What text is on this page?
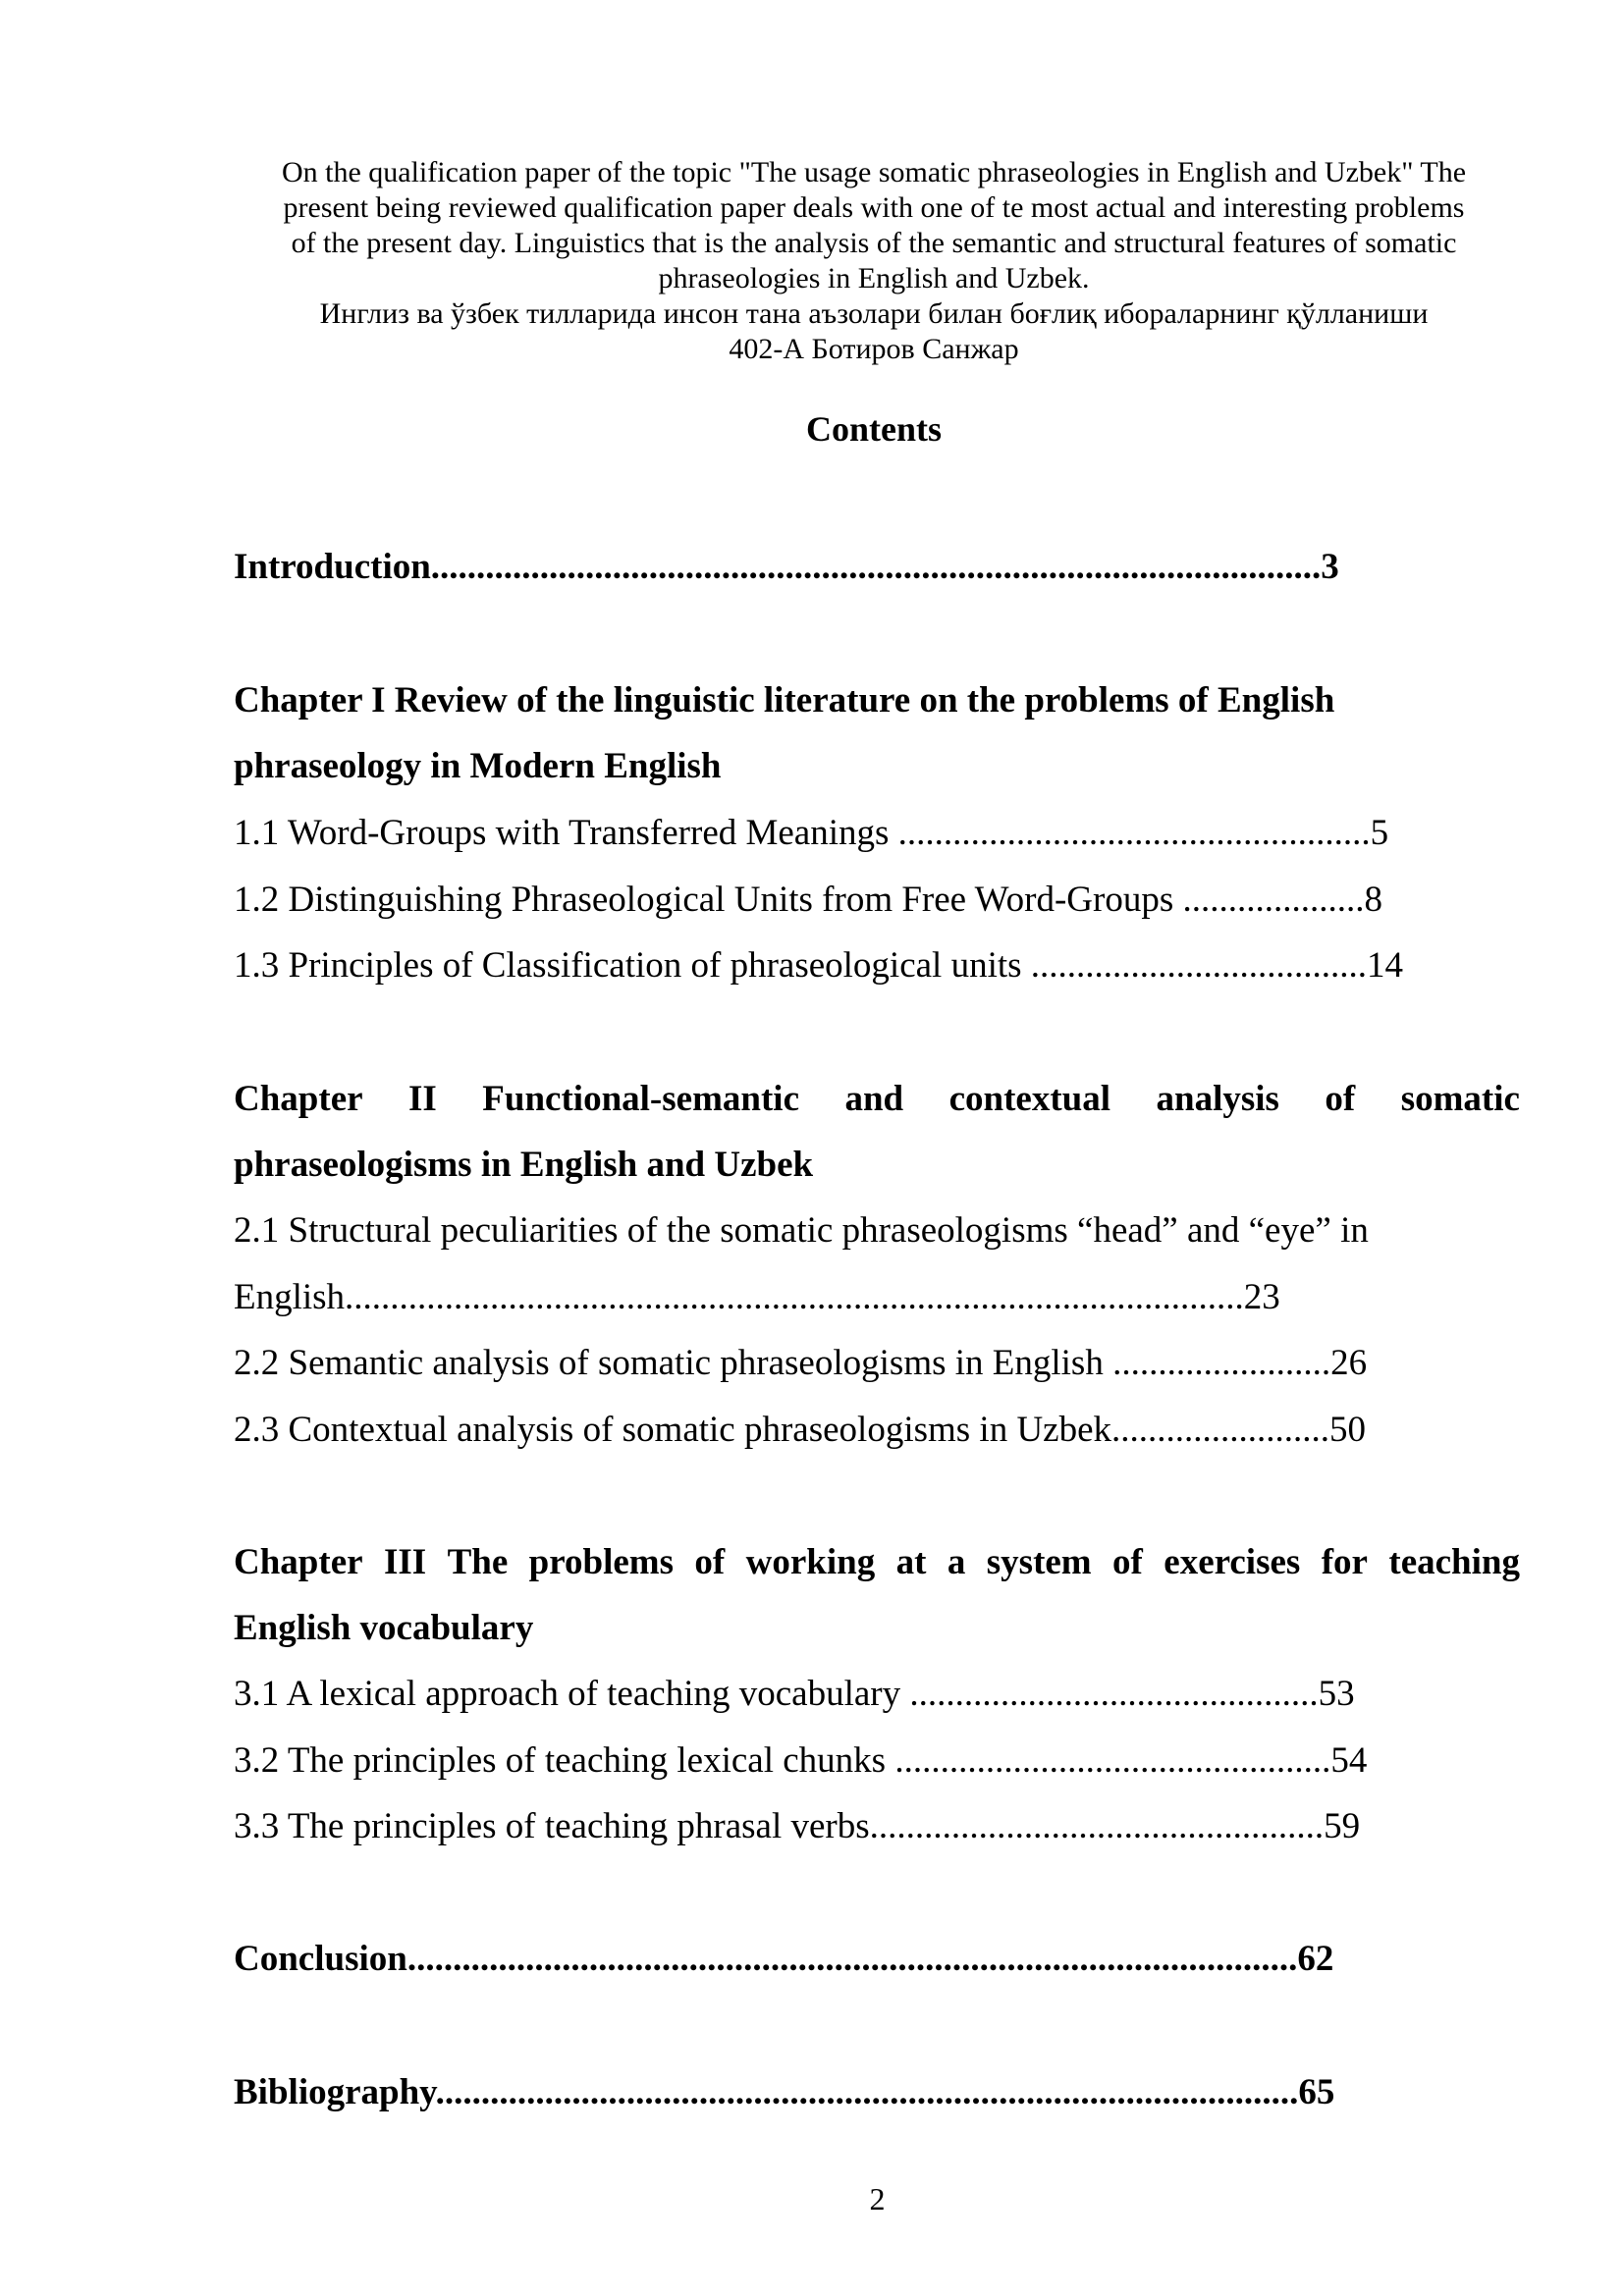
On the qualification paper of the topic "The usage somatic phraseologies in English and Uzbek" The

present being reviewed qualification paper deals with one of te most actual and interesting problems

of the present day. Linguistics that is the analysis of the semantic and structural features of somatic

phraseologies in English and Uzbek.

Инглиз ва ўзбек тилларида инсон тана аъзолари билан боғлиқ ибораларнинг қўлланиши

402-А Ботиров Санжар

Contents
Introduction..................................................................................................3
Chapter I Review of the linguistic literature on the problems of English
phraseology in Modern English
1.1 Word-Groups with Transferred Meanings ....................................................5
1.2 Distinguishing Phraseological Units from Free Word-Groups ....................8
1.3 Principles of Classification of phraseological units .....................................14
Chapter II Functional-semantic and contextual analysis of somatic
phraseologisms in English and Uzbek
2.1 Structural peculiarities of the somatic phraseologisms “head” and “eye” in
English...................................................................................................23
2.2 Semantic analysis of somatic phraseologisms in English ........................26
2.3 Contextual analysis of somatic phraseologisms in Uzbek........................50
Chapter III The problems of working at a system of exercises for teaching
English vocabulary
3.1 A lexical approach of teaching vocabulary .............................................53
3.2 The principles of teaching lexical chunks ................................................54
3.3 The principles of teaching phrasal verbs..................................................59
Conclusion..................................................................................................62
Bibliography...............................................................................................65
2
